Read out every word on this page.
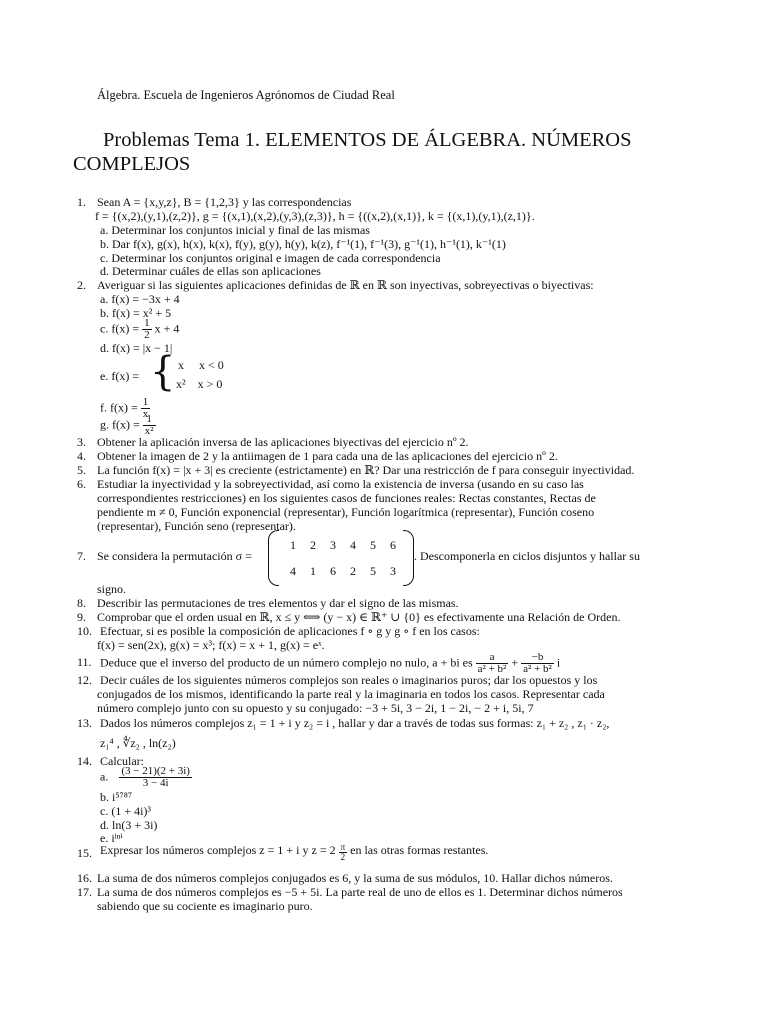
Álgebra. Escuela de Ingenieros Agrónomos de Ciudad Real
Problemas Tema 1. ELEMENTOS DE ÁLGEBRA. NÚMEROS
COMPLEJOS
1. Sean A = {x,y,z}, B = {1,2,3} y las correspondencias
f = {(x,2),(y,1),(z,2)}, g = {(x,1),(x,2),(y,3),(z,3)}, h = {((x,2),(x,1)}, k = {(x,1),(y,1),(z,1)}.
a. Determinar los conjuntos inicial y final de las mismas
b. Dar f(x), g(x), h(x), k(x), f(y), g(y), h(y), k(z), f⁻¹(1), f⁻¹(3), g⁻¹(1), h⁻¹(1), k⁻¹(1)
c. Determinar los conjuntos original e imagen de cada correspondencia
d. Determinar cuáles de ellas son aplicaciones
2. Averiguar si las siguientes aplicaciones definidas de ℝ en ℝ son inyectivas, sobreyectivas o biyectivas:
a. f(x) = −3x + 4
b. f(x) = x² + 5
c. $f(x) = \frac{1}{2}$ x + 4
d. f(x) = |x − 1|
e. f(x) = { x     x < 0
x²    x > 0
f. $f(x) = \frac{1}{x}$
g. $f(x) = \frac{1}{\text{x²}}$
3. Obtener la aplicación inversa de las aplicaciones biyectivas del ejercicio nº 2.
4. Obtener la imagen de 2 y la antiimagen de 1 para cada una de las aplicaciones del ejercicio nº 2.
5. La función f(x) = |x + 3| es creciente (estrictamente) en ℝ? Dar una restricción de f para conseguir inyectividad.
6. Estudiar la inyectividad y la sobreyectividad, así como la existencia de inversa (usando en su caso las
correspondientes restricciones) en los siguientes casos de funciones reales: Rectas constantes, Rectas de
pendiente m ≠ 0, Función exponencial (representar), Función logarítmica (representar), Función coseno
(representar), Función seno (representar).
7. Se considera la permutación σ =
1 2 3 4 5 6
4 1 6 2 5 3
. Descomponerla en ciclos disjuntos y hallar su
signo.
8. Describir las permutaciones de tres elementos y dar el signo de las mismas.
9. Comprobar que el orden usual en ℝ, x ≤ y ⟺ (y − x) ∈ ℝ⁺ ∪ {0} es efectivamente una Relación de Orden.
10. Efectuar, si es posible la composición de aplicaciones f ∘ g y g ∘ f en los casos:
f(x) = sen(2x), g(x) = x³; f(x) = x + 1, g(x) = eˣ.
11. Deduce que el inverso del producto de un número complejo no nulo, a + bi es $\frac{a}{\text{a² + b²}} + \frac{-b}{\text{a² + b²}}$ i
12. Decir cuáles de los siguientes números complejos son reales o imaginarios puros; dar los opuestos y los
conjugados de los mismos, identificando la parte real y la imaginaria en todos los casos. Representar cada
número complejo junto con su opuesto y su conjugado: −3 + 5i, 3 − 2i, 1 − 2i, − 2 + i, 5i, 7
13. Dados los números complejos z₁ = 1 + i y z₂ = i , hallar y dar a través de todas sus formas: z₁ + z₂ , z₁ · z₂,
z₁⁴ , ∜z₂ , ln(z₂)
14. Calcular:
a. $\frac{(3 - 21)(2 + 3i)}{3 - 4i}$
b. i⁵⁷⁸⁷
c. (1 + 4i)³
d. ln(3 + 3i)
e. iˡⁿⁱ
15. Expresar los números complejos z = 1 + i y $z = 2 \frac{\pi}{2}$ en las otras formas restantes.
16. La suma de dos números complejos conjugados es 6, y la suma de sus módulos, 10. Hallar dichos números.
17. La suma de dos números complejos es −5 + 5i. La parte real de uno de ellos es 1. Determinar dichos números
sabiendo que su cociente es imaginario puro.
